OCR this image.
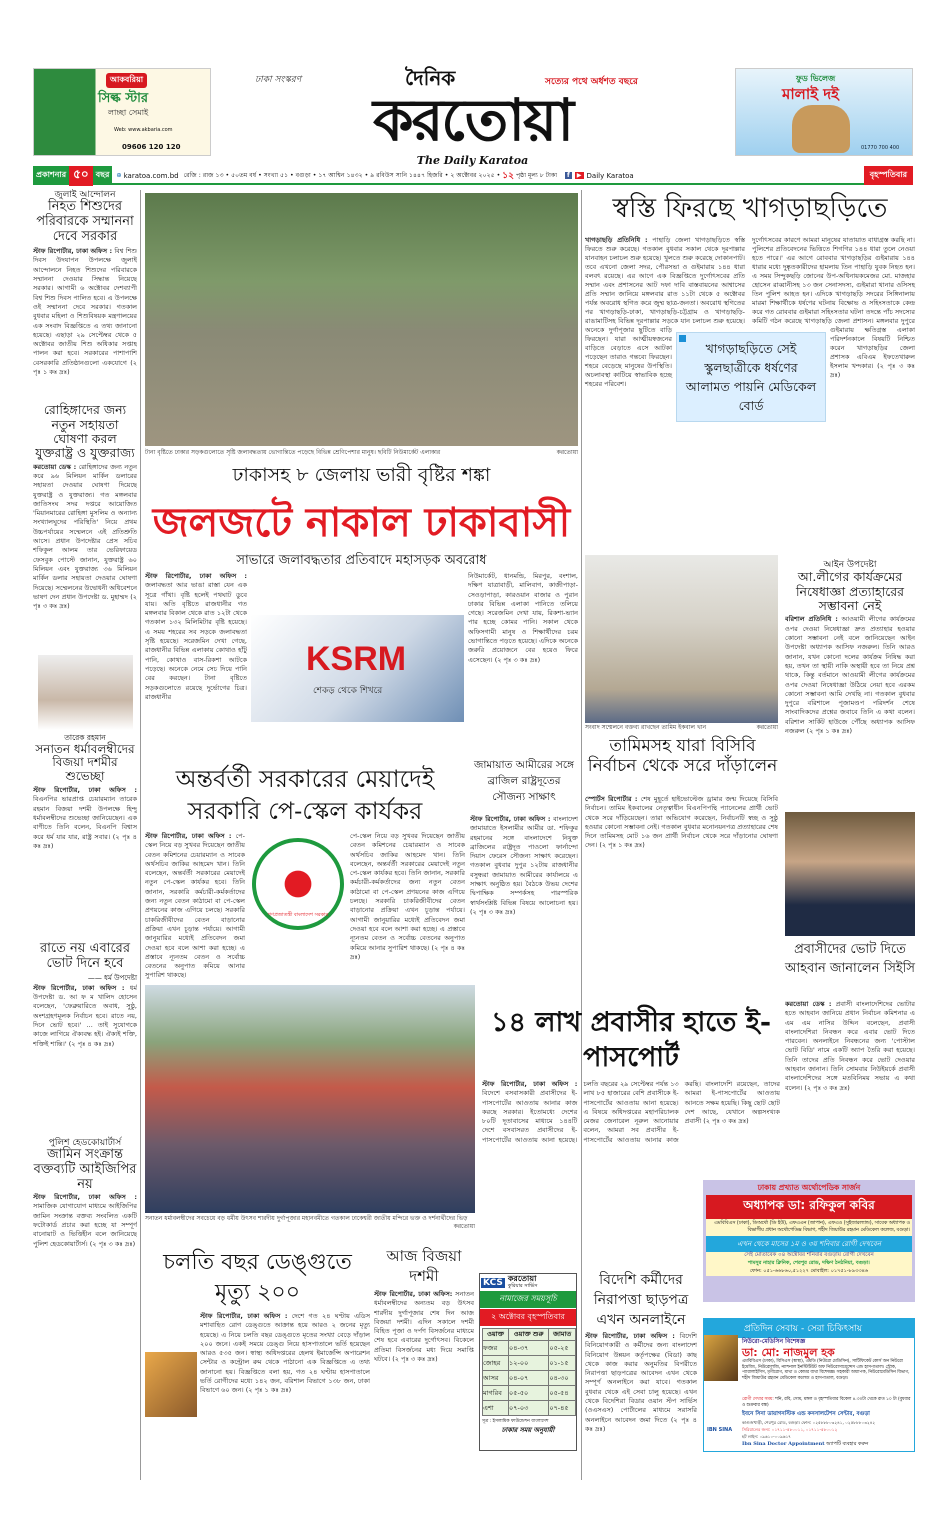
আকবরিয়া
সিল্ক স্টার
লাচ্ছা সেমাই
Web: www.akbaria.com
09606 120 120
ঢাকা সংস্করণ	দৈনিক	সত্যের পথে অর্ধশত বছরে
করতোয়া
The Daily Karatoa
ফুড ভিলেজ
মালাই দই
01770 700 400
প্রকাশনার ৫০ বছর	⊕ karatoa.com.bd রেজি : রাজ ১৩ • ৫০তম বর্ষ • সংখ্যা ৫১ • বগুড়া • ১৭ আশ্বিন ১৪৩২ • ৯ রবিউস সানি ১৪৪৭ হিজরি • ২ অক্টোবর ২০২৫ • ১২ পৃষ্ঠা মূল্য ৮ টাকা	f	▶ Daily Karatoa	বৃহস্পতিবার
জুলাই আন্দোলন
নিহত শিশুদের পরিবারকে সম্মাননা দেবে সরকার
স্টাফ রিপোর্টার, ঢাকা অফিস : বিশ্ব শিশু দিবস উদযাপন উপলক্ষে জুলাই আন্দোলনে নিহত শিশুদের পরিবারকে সম্মাননা দেওয়ার সিদ্ধান্ত নিয়েছে সরকার। আগামী ৬ অক্টোবর দেশব্যাপী বিশ্ব শিশু দিবস পালিত হবে। এ উপলক্ষে ওই সম্মাননা দেবে সরকার। গতকাল বুধবার মহিলা ও শিশুবিষয়ক মন্ত্রণালয়ের এক সংবাদ বিজ্ঞপ্তিতে এ তথ্য জানানো হয়েছে। এছাড়া ২৯ সেপ্টেম্বর থেকে ৫ অক্টোবর জাতীয় শিশু অধিকার সপ্তাহ পালন করা হবে। সরকারের পাশাপাশি বেসরকারি প্রতিষ্ঠানগুলো একযোগে (২ পৃঃ ১ কঃ দ্রঃ)
রোহিঙ্গাদের জন্য নতুন সহায়তা ঘোষণা করল যুক্তরাষ্ট্র ও যুক্তরাজ্য
করতোয়া ডেস্ক : রোহিঙ্গাদের জন্য নতুন করে ৯৬ মিলিয়ন মার্কিন ডলারের সহায়তা দেওয়ার ঘোষণা দিয়েছে যুক্তরাষ্ট্র ও যুক্তরাজ্য। গত মঙ্গলবার জাতিসংঘ সদর দপ্তরে আয়োজিত 'মিয়ানমারের রোহিঙ্গা মুসলিম ও অন্যান্য সংখ্যালঘুদের পরিস্থিতি' নিয়ে প্রথম উচ্চপর্যায়ের সম্মেলনে এই প্রতিশ্রুতি আসে। প্রধান উপদেষ্টার প্রেস সচিব শফিকুল আলম তার ভেরিফায়েড ফেসবুক পোস্টে জানান, যুক্তরাষ্ট্র ৬০ মিলিয়ন এবং যুক্তরাজ্য ৩৬ মিলিয়ন মার্কিন ডলার সহায়তা দেওয়ার ঘোষণা দিয়েছে। সম্মেলনের উদ্বোধনী অধিবেশনে ভাষণ দেন প্রধান উপদেষ্টা ড. মুহাম্মদ (২ পৃঃ ৩ কঃ দ্রঃ)
তারেক রহমান
সনাতন ধর্মাবলম্বীদের বিজয়া দশমীর শুভেচ্ছা
স্টাফ রিপোর্টার, ঢাকা অফিস : বিএনপির ভারপ্রাপ্ত চেয়ারম্যান তারেক রহমান বিজয়া দশমী উপলক্ষে হিন্দু ধর্মাবলম্বীদের শুভেচ্ছা জানিয়েছেন। এক বাণীতে তিনি বলেন, বিএনপি বিশ্বাস করে ধর্ম যার যার, রাষ্ট্র সবার। (২ পৃঃ ৪ কঃ দ্রঃ)
রাতে নয় এবারের ভোট দিনে হবে
—— ধর্ম উপদেষ্টা
স্টাফ রিপোর্টার, ঢাকা অফিস : ধর্ম উপদেষ্টা ড. আ ফ ম খালিদ হোসেন বলেছেন, 'ফেব্রুয়ারিতে অবাধ, সুষ্ঠু, অংশগ্রহণমূলক নির্বাচন হবে। রাতে নয়, দিনে ভোট হবে।' ... তাই সুযোগকে কাজে লাগিয়ে ঐক্যবদ্ধ হই। ঐক্যই শক্তি, শক্তিই শান্তি।' (২ পৃঃ ৪ কঃ দ্রঃ)
পুলিশ হেডকোয়ার্টার্স
জামিন সংক্রান্ত বক্তব্যটি আইজিপির নয়
স্টাফ রিপোর্টার, ঢাকা অফিস : সামাজিক যোগাযোগ মাধ্যমে আইজিপির জামিন সংক্রান্ত বক্তব্য সংবলিত একটি ফটোকার্ড প্রচার করা হচ্ছে যা সম্পূর্ণ বানোয়াট ও ভিত্তিহীন বলে জানিয়েছে পুলিশ হেডকোয়ার্টার্স। (২ পৃঃ ৩ কঃ দ্রঃ)
টানা বৃষ্টিতে ঢাকার সড়কগুলোতে সৃষ্টি জলাবদ্ধতায় ভোগান্তিতে পড়েছে বিভিন্ন শ্রেণিপেশার মানুষ। ছবিটি নিউমার্কেট এলাকার	করতোয়া
ঢাকাসহ ৮ জেলায় ভারী বৃষ্টির শঙ্কা
জলজটে নাকাল ঢাকাবাসী
সাভারে জলাবদ্ধতার প্রতিবাদে মহাসড়ক অবরোধ
স্টাফ রিপোর্টার, ঢাকা অফিস : জলাবদ্ধতা আর ভাঙা রাস্তা যেন এক সূত্রে গাঁথা। বৃষ্টি হলেই পথঘাট ডুবে যায়। অতি বৃষ্টিতে রাজধানীর গত মঙ্গলবার বিকাল থেকে রাত ১২টা থেকে গতকাল ১৩২ মিলিমিটার বৃষ্টি হয়েছে। এ সময় শহরের সব সড়কে জলাবদ্ধতা সৃষ্টি হয়েছে। সরেজমিন দেখা গেছে, রাজধানীর বিভিন্ন এলাকায় কোথাও হাঁটু পানি, কোথাও বাস-রিকশা আটকে পড়েছে। অনেকে নেমে সেচ দিয়ে পানি বের করছেন। টানা বৃষ্টিতে সড়কগুলোতে রয়েছে দুর্ভোগের চিত্র। রাজধানীর
KSRM
শেকড় থেকে শিখরে
নিউমার্কেট, ধানমন্ডি, মিরপুর, বংশাল, দক্ষিণ যাত্রাবাড়ী, মালিবাগ, কাজীপাড়া-সেওড়াপাড়া, কারওয়ান বাজার ও পুরান ঢাকার বিভিন্ন এলাকা পানিতে তলিয়ে গেছে। সরেজমিন দেখা যায়, রিকশা-ভ্যান পার হচ্ছে কোমর পানি। সকাল থেকে অফিসগামী মানুষ ও শিক্ষার্থীদের চরম ভোগান্তিতে পড়তে হয়েছে। এদিকে অনেকে জরুরি প্রয়োজনে বের হয়েও ফিরে এসেছেন। (২ পৃঃ ৩ কঃ দ্রঃ)
স্বস্তি ফিরছে খাগড়াছড়িতে
খাগড়াছড়ি প্রতিনিধি : পাহাড়ি জেলা খাগড়াছড়িতে স্বস্তি ফিরতে শুরু করেছে। গতকাল বুধবার সকাল থেকে দূরপাল্লার যানবাহন চলাচল শুরু হয়েছে। খুলতে শুরু করেছে দোকানপাট। তবে এখনো জেলা সদর, পৌরসভা ও গুইমারায় ১৪৪ ধারা বলবৎ রয়েছে। এর আগে এক বিজ্ঞপ্তিতে দুর্গোৎসবের প্রতি সম্মান এবং প্রশাসনের আট দফা দাবি বাস্তবায়নের আশ্বাসের প্রতি সম্মান জানিয়ে মঙ্গলবার রাত ১১টা থেকে ৫ অক্টোবর পর্যন্ত অবরোধ স্থগিত করে জুম্ম ছাত্র-জনতা। অবরোধ স্থগিতের পর খাগড়াছড়ি-ঢাকা, খাগড়াছড়ি-চট্টগ্রাম ও খাগড়াছড়ি-রাঙামাটিসহ বিভিন্ন দূরপাল্লার সড়কে যান চলাচল শুরু হয়েছে। অনেকে দুর্গাপূজার ছুটিতে বাড়ি ফিরছেন। যারা আত্মীয়স্বজনের বাড়িতে বেড়াতে এসে আটকা পড়েছেন তারাও গন্তব্যে ফিরছেন। শহরে বেড়েছে মানুষের উপস্থিতি। অচলাবস্থা কাটিয়ে স্বাভাবিক হচ্ছে শহরের পরিবেশ।
দুর্গোৎসবের কারণে আমরা মানুষের যাতায়াত বাধাগ্রস্ত করছি না। পুলিশের প্রতিবেদনের ভিত্তিতে শিগগির ১৪৪ ধারা তুলে নেওয়া হতে পারে।' এর আগে রোববার খাগড়াছড়ির গুইমারায় ১৪৪ ধারার মধ্যে দুষ্কৃতকারীদের হামলায় তিন পাহাড়ি যুবক নিহত হন। এ সময় সিন্দুকছড়ি জোনের উপ-অধিনায়কমেজর মো. মাজহার হোসেন রাব্বানীসহ ১৩ জন সেনাসদস্য, গুইমারা থানার ওসিসহ তিন পুলিশ আহত হন। এদিকে খাগড়াছড়ি সদরের সিঙ্গিনালায় মারমা শিক্ষার্থীকে ধর্ষণের ঘটনায় বিক্ষোভ ও সহিংসতাকে কেন্দ্র করে গত রোববার গুইমারা সহিংসতার ঘটনা তদন্তে পাঁচ সদস্যের কমিটি গঠন করেছে খাগড়াছড়ি জেলা প্রশাসন। মঙ্গলবার দুপুরে গুইমারায় ক্ষতিগ্রস্ত এলাকা পরিদর্শনকালে বিষয়টি নিশ্চিত করেন খাগড়াছড়ির জেলা প্রশাসক এবিএম ইফতেখারুল ইসলাম খন্দকার। (২ পৃঃ ৩ কঃ দ্রঃ)
খাগড়াছড়িতে সেই স্কুলছাত্রীকে ধর্ষণের আলামত পায়নি মেডিকেল বোর্ড
সংবাদ সম্মেলনে বক্তব্য রাখছেন তামিম ইকবাল খান	করতোয়া
তামিমসহ যারা বিসিবি নির্বাচন থেকে সরে দাঁড়ালেন
স্পোর্টস রিপোর্টার : শেষ মুহূর্তে হাইভোল্টেজ ড্রামার জন্ম দিয়েছে বিসিবি নির্বাচন। তামিম ইকবালের নেতৃত্বাধীন বিএনপিপন্থি প্যানেলের প্রার্থী ভোট থেকে সরে দাঁড়িয়েছেন। তারা অভিযোগ করেছেন, নির্বাচনটি স্বচ্ছ ও সুষ্ঠু হওয়ার কোনো সম্ভাবনা নেই। গতকাল বুধবার মনোনয়নপত্র প্রত্যাহারের শেষ দিনে তামিমসহ মোট ১৬ জন প্রার্থী নির্বাচন থেকে সরে দাঁড়ানোর ঘোষণা দেন। (২ পৃঃ ১ কঃ দ্রঃ)
আইন উপদেষ্টা
আ.লীগের কার্যক্রমের নিষেধাজ্ঞা প্রত্যাহারের সম্ভাবনা নেই
বরিশাল প্রতিনিধি : আওয়ামী লীগের কার্যক্রমের ওপর দেওয়া নিষেধাজ্ঞা দ্রুত প্রত্যাহার হওয়ার কোনো সম্ভাবনা নেই বলে জানিয়েছেন আইন উপদেষ্টা অধ্যাপক আসিফ নজরুল। তিনি আরও জানান, যখন কোনো দলের কার্যক্রম নিষিদ্ধ করা হয়, তখন তা স্থায়ী নাকি অস্থায়ী হবে তা নিয়ে প্রশ্ন থাকে, কিন্তু বর্তমানে আওয়ামী লীগের কার্যক্রমের ওপর দেওয়া নিষেধাজ্ঞা উঠিয়ে নেয়া হবে এরকম কোনো সম্ভাবনা আমি দেখছি না। গতকাল বুধবার দুপুরে বরিশালে পূজামণ্ডপ পরিদর্শন শেষে সাংবাদিকদের প্রশ্নের জবাবে তিনি এ কথা বলেন। বরিশাল সার্কিট হাউজে পৌঁছে অধ্যাপক আসিফ নজরুল (২ পৃঃ ১ কঃ দ্রঃ)
প্রবাসীদের ভোট দিতে আহবান জানালেন সিইসি
করতোয়া ডেস্ক : প্রবাসী বাংলাদেশিদের ভোটার হতে আহবান জানিয়ে প্রধান নির্বাচন কমিশনার এ এম এম নাসির উদ্দিন বলেছেন, প্রবাসী বাংলাদেশিরা নিবন্ধন করে এবার ভোট দিতে পারবেন। অনলাইনে নিবন্ধনের জন্য 'পোস্টাল ভোট বিডি' নামে একটি অ্যাপ তৈরি করা হয়েছে। তিনি তাদের প্রতি নিবন্ধন করে ভোট দেওয়ার আহবান জানান। তিনি সোমবার নিউইয়র্কে প্রবাসী বাংলাদেশিদের সঙ্গে মতবিনিময় সভায় এ কথা বলেন। (২ পৃঃ ৩ কঃ দ্রঃ)
অন্তর্বর্তী সরকারের মেয়াদেই সরকারি পে-স্কেল কার্যকর
স্টাফ রিপোর্টার, ঢাকা অফিস : পে-স্কেল নিয়ে বড় সুখবর দিয়েছেন জাতীয় বেতন কমিশনের চেয়ারম্যান ও সাবেক অর্থসচিব জাকির আহমেদ খান। তিনি বলেছেন, অন্তর্বর্তী সরকারের মেয়াদেই নতুন পে-স্কেল কার্যকর হবে। তিনি জানান, সরকারি কর্মচারী-কর্মকর্তাদের জন্য নতুন বেতন কাঠামো বা পে-স্কেল প্রণয়নের কাজ এগিয়ে চলছে। সরকারি চাকরিজীবীদের বেতন বাড়ানোর প্রক্রিয়া এখন চূড়ান্ত পর্যায়ে। আগামী জানুয়ারির মধ্যেই প্রতিবেদন জমা দেওয়া হবে বলে আশা করা হচ্ছে। এ প্রস্তাবে ন্যূনতম বেতন ও সর্বোচ্চ বেতনের অনুপাত কমিয়ে আনার সুপারিশ থাকছে।
গণপ্রজাতন্ত্রী বাংলাদেশ সরকার
পে-স্কেল নিয়ে বড় সুখবর দিয়েছেন জাতীয় বেতন কমিশনের চেয়ারম্যান ও সাবেক অর্থসচিব জাকির আহমেদ খান। তিনি বলেছেন, অন্তর্বর্তী সরকারের মেয়াদেই নতুন পে-স্কেল কার্যকর হবে। তিনি জানান, সরকারি কর্মচারী-কর্মকর্তাদের জন্য নতুন বেতন কাঠামো বা পে-স্কেল প্রণয়নের কাজ এগিয়ে চলছে। সরকারি চাকরিজীবীদের বেতন বাড়ানোর প্রক্রিয়া এখন চূড়ান্ত পর্যায়ে। আগামী জানুয়ারির মধ্যেই প্রতিবেদন জমা দেওয়া হবে বলে আশা করা হচ্ছে। এ প্রস্তাবে ন্যূনতম বেতন ও সর্বোচ্চ বেতনের অনুপাত কমিয়ে আনার সুপারিশ থাকছে। (২ পৃঃ ৪ কঃ দ্রঃ)
জামায়াত আমীরের সঙ্গে ব্রাজিল রাষ্ট্রদূতের সৌজন্য সাক্ষাৎ
স্টাফ রিপোর্টার, ঢাকা অফিস : বাংলাদেশ জামায়াতে ইসলামীর আমীর ডা. শফিকুর রহমানের সঙ্গে বাংলাদেশে নিযুক্ত ব্রাজিলের রাষ্ট্রদূত পাওলো ফার্নান্দো দিয়াস ফেরেস সৌজন্য সাক্ষাৎ করেছেন। গতকাল বুধবার দুপুর ১২টায় রাজধানীর বসুন্ধরা জামায়াত আমীরের কার্যালয়ে এ সাক্ষাৎ অনুষ্ঠিত হয়। বৈঠকে উভয় দেশের দ্বিপাক্ষিক সম্পর্কসহ পারস্পরিক স্বার্থসংশ্লিষ্ট বিভিন্ন বিষয়ে আলোচনা হয়। (২ পৃঃ ৩ কঃ দ্রঃ)
সনাতন ধর্মাবলম্বীদের সবচেয়ে বড় ধর্মীয় উৎসব শারদীয় দুর্গাপূজার মহানবমীতে গতকাল ঢাকেশ্বরী জাতীয় মন্দিরে ভক্ত ও দর্শনার্থীদের ভিড়
করতোয়া
১৪ লাখ প্রবাসীর হাতে ই-পাসপোর্ট
স্টাফ রিপোর্টার, ঢাকা অফিস : বিদেশে বসবাসকারী প্রবাসীদের ই-পাসপোর্টের আওতায় আনার কাজ করছে সরকার। ইতোমধ্যে দেশের ৮০টি দূতাবাসের মাধ্যমে ১৪৪টি দেশে বসবাসরত প্রবাসীদের ই-পাসপোর্টের আওতায় আনা হয়েছে। চলতি বছরের ২৯ সেপ্টেম্বর পর্যন্ত ১৩ লাখ ৮৫ হাজারের বেশি প্রবাসীকে ই-পাসপোর্টের আওতায় আনা হয়েছে। এ বিষয়ে অধিদপ্তরের মহাপরিচালক মেজর জেনারেল নূরুল আনোয়ার বলেন, আমরা সব প্রবাসীর ই-পাসপোর্টের আওতায় আনার কাজ করছি। বাংলাদেশি রয়েছেন, তাদের আমরা ই-পাসপোর্টের আওতায় আনতে সক্ষম হয়েছি। কিছু ছোট ছোট দেশ আছে, যেখানে অল্পসংখ্যক প্রবাসী (২ পৃঃ ৩ কঃ দ্রঃ)
চলতি বছর ডেঙ্গুতে মৃত্যু ২০০
স্টাফ রিপোর্টার, ঢাকা অফিস : দেশে গত ২৪ ঘণ্টায় এডিস মশাবাহিত রোগ ডেঙ্গুতে আক্রান্ত হয়ে আরও ২ জনের মৃত্যু হয়েছে। এ নিয়ে চলতি বছর ডেঙ্গুতে মৃতের সংখ্যা বেড়ে দাঁড়াল ২০০ জনে। একই সময়ে ডেঙ্গু নিয়ে হাসপাতালে ভর্তি হয়েছেন আরও ৫৩৫ জন। স্বাস্থ্য অধিদপ্তরের হেলথ ইমার্জেন্সি অপারেশন সেন্টার ও কন্ট্রোল রুম থেকে পাঠানো এক বিজ্ঞপ্তিতে এ তথ্য জানানো হয়। বিজ্ঞপ্তিতে বলা হয়, গত ২৪ ঘণ্টায় হাসপাতালে ভর্তি রোগীদের মধ্যে ১৪২ জন, বরিশাল বিভাগে ১৩৮ জন, ঢাকা বিভাগে ৬০ জন। (২ পৃঃ ১ কঃ দ্রঃ)
আজ বিজয়া দশমী
স্টাফ রিপোর্টার, ঢাকা অফিস: সনাতন ধর্মাবলম্বীদের অন্যতম বড় উৎসব শারদীয় দুর্গাপূজার শেষ দিন আজ বিজয়া দশমী। এদিন সকালে দশমী বিহিত পূজা ও দর্পণ বিসর্জনের মাধ্যমে শেষ হবে এবারের দুর্গোৎসব। বিকেলে প্রতিমা বিসর্জনের মধ্য দিয়ে সমাপ্তি ঘটবে। (২ পৃঃ ৩ কঃ দ্রঃ)
KCS করতোয়া
কুরিয়ার সার্ভিস
নামাজের সময়সূচি
২ অক্টোবর বৃহস্পতিবার
ওয়াক্ত	ওয়াক্ত শুরু	জামাত
ফজর	০৪-৩৭	০৫-২৫
জোহর	১২-০০	০১-১৫
আসর	০৪-০৭	০৪-৩০
মাগরিব	০৫-৫০	০৫-৫৪
এশা	০৭-০৩	০৭-৪৫
সূত্র : ইসলামিক ফাউন্ডেশন বাংলাদেশ
ঢাকার সময় অনুযায়ী
বিদেশি কর্মীদের নিরাপত্তা ছাড়পত্র এখন অনলাইনে
স্টাফ রিপোর্টার, ঢাকা অফিস : বিদেশি বিনিয়োগকারী ও কর্মীদের জন্য বাংলাদেশ বিনিয়োগ উন্নয়ন কর্তৃপক্ষের (বিডা) কাছ থেকে কাজ করার অনুমতির বিপরীতে নিরাপত্তা ছাড়পত্রের আবেদন এখন থেকে সম্পূর্ণ অনলাইনে করা যাবে। গতকাল বুধবার থেকে এই সেবা চালু হয়েছে। এখন থেকে বিদেশিরা বিডার ওয়ান স্টপ সার্ভিস (ওএসএস) পোর্টালের মাধ্যমে সরাসরি অনলাইনে আবেদন জমা দিতে (২ পৃঃ ৪ কঃ দ্রঃ)
ঢাকায় প্রখ্যাত অর্থোপেডিক সার্জন
অধ্যাপক ডা: রফিকুল কবির
এমবিবিএস (ঢাকা), ডিঅর্থো (ডি ইউ), এফএএন (জাপান), এফএও (সুইজারল্যান্ড), সাবেক অধ্যাপক ও বিভাগীয় প্রধান অর্থোপেডিক্স বিভাগ, শহীদ জিয়াউর রহমান মেডিকেল কলেজ, বগুড়া।
এখন থেকে মাসের ১ম ও ৩য় শনিবার রোগী দেখবেন
সেই মোতাবেক ০৪ অক্টোবর শনিবার বগুড়ায় রোগী দেখবেন
শামসুর নাহার ক্লিনিক, শেরপুর রোড, দক্ষিণ ঠনঠনিয়া, বগুড়া।
ফোন: ০৫১-৬৬৮৬০,৫১২২৭ মোবাইল: ০১৭৫১-৮৯৩৩৪৬
প্রতিদিন সেবায় - সেরা চিকিৎসায়
নিউরো-মেডিসিন বিশেষজ্ঞ
ডা: মো: নাজমুল হক
এমবিবিএস (ঢাকা), বিসিএস (স্বাস্থ্য), এমডি (নিউরো মেডিসিন), সার্টিফিকেট কোর্স অন নিউরো ইমেজিং, নিউরোলজি, ন্যাশনাল ইনস্টিটিউট অফ নিউরোসায়েন্সেস এন্ড হাসপাতাল। স্ট্রোক, প্যারালাইসিস, মৃগীরোগ, মাথা ও কোমর ব্যথা বিশেষজ্ঞ। সহকারী অধ্যাপক, নিউরোমেডিসিন বিভাগ, শহীদ জিয়াউর রহমান মেডিকেল কলেজ ও হাসপাতাল, বগুড়া।
রোগী দেখার সময়: শনি, রবি, সোম, মঙ্গল ও বৃহস্পতিবার বিকেল ৪.৩০টা থেকে রাত ১০ টা (বুধবার ও শুক্রবার বন্ধ)
IBN SINA
ইবনে সিনা ডায়াগনস্টিক এন্ড কনসালটেশন সেন্টার, বগুড়া
কাগুজখাড়ী, শেরপুর রোড, বগুড়া। ফোন: ০২৫৮৮৮০৩২৪১, ০২৫৮৮৮০৩২৪২
সিরিয়ালের জন্য: ০১৭১১-৫৮০০১১, ০১৭১১-৫৮০০১২
হট লাইন: ০৯৬১০-০০৯৬১৭
Ibn Sina Doctor Appointment অ্যাপটি ব্যবহার করুন
